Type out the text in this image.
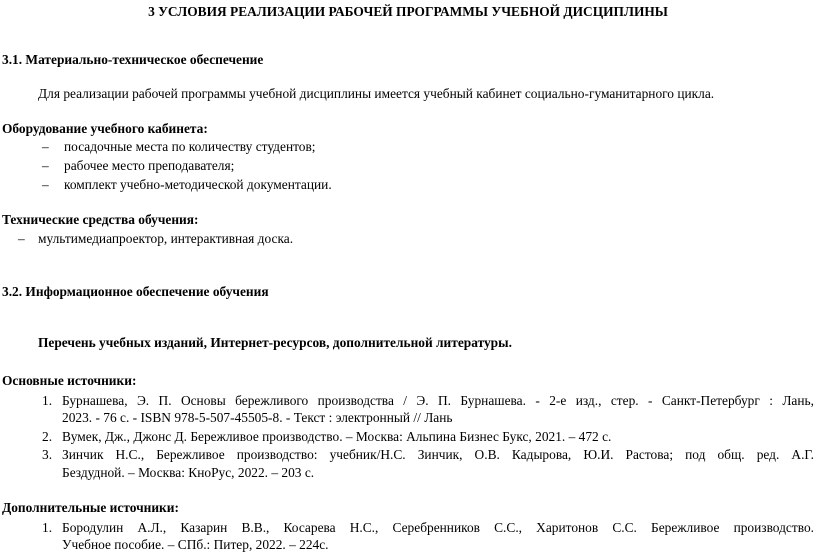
3 УСЛОВИЯ РЕАЛИЗАЦИИ РАБОЧЕЙ ПРОГРАММЫ УЧЕБНОЙ ДИСЦИПЛИНЫ
3.1. Материально-техническое обеспечение
Для реализации рабочей программы учебной дисциплины имеется учебный кабинет социально-гуманитарного цикла.
Оборудование учебного кабинета:
–
посадочные места по количеству студентов;
–
рабочее место преподавателя;
–
комплект учебно-методической документации.
Технические средства обучения:
–
мультимедиапроектор, интерактивная доска.
3.2. Информационное обеспечение обучения
Перечень учебных изданий, Интернет-ресурсов, дополнительной литературы.
Основные источники:
1. Бурнашева, Э. П. Основы бережливого производства / Э. П. Бурнашева. - 2-е изд., стер. - Санкт-Петербург : Лань,
2023. - 76 с. - ISBN 978-5-507-45505-8. - Текст : электронный // Лань
2. Вумек, Дж., Джонс Д. Бережливое производство. – Москва: Альпина Бизнес Букс, 2021. – 472 с.
3. Зинчик Н.С., Бережливое производство: учебник/Н.С. Зинчик, О.В. Кадырова, Ю.И. Растова; под общ. ред. А.Г.
Бездудной. – Москва: КноРус, 2022. – 203 с.
Дополнительные источники:
1. Бородулин А.Л., Казарин В.В., Косарева Н.С., Серебренников С.С., Харитонов С.С. Бережливое производство.
Учебное пособие. – СПб.: Питер, 2022. – 224с.
